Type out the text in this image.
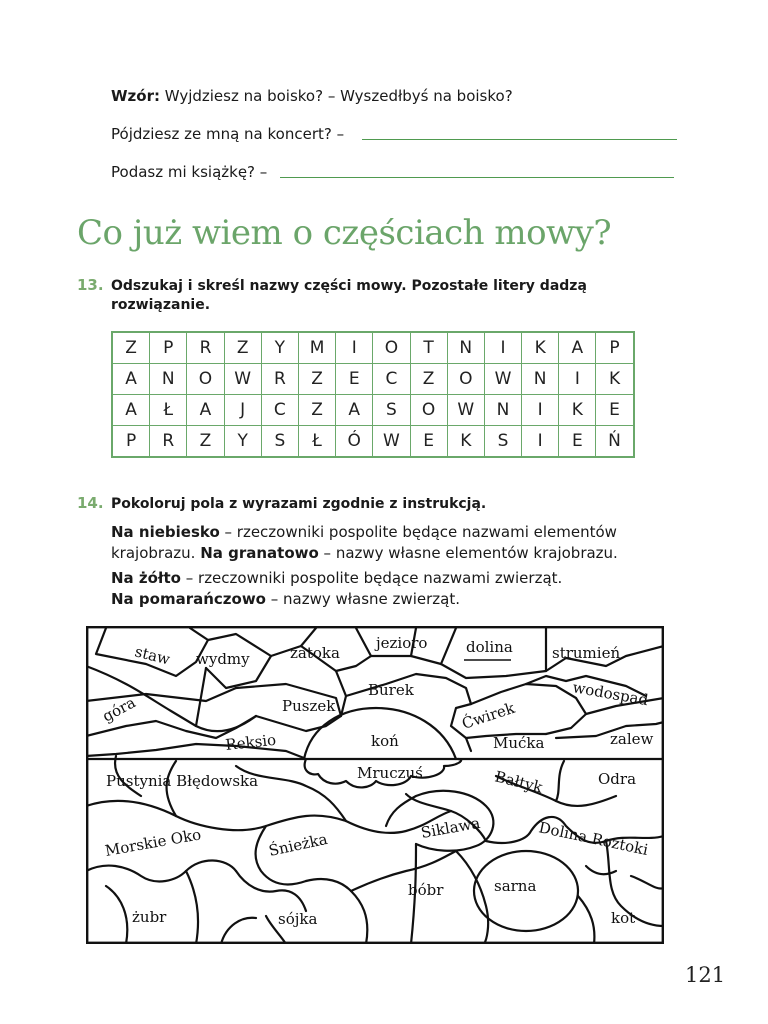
Wzór: Wyjdziesz na boisko? – Wyszedłbyś na boisko?
Pójdziesz ze mną na koncert? –
Podasz mi książkę? –
Co już wiem o częściach mowy?
13. Odszukaj i skreśl nazwy części mowy. Pozostałe litery dadzą
rozwiązanie.
Z	P	R	Z	Y	M	I	O	T	N	I	K	A	P
A	N	O	W	R	Z	E	C	Z	O	W	N	I	K
A	Ł	A	J	C	Z	A	S	O	W	N	I	K	E
P	R	Z	Y	S	Ł	Ó	W	E	K	S	I	E	Ń
14. Pokoloruj pola z wyrazami zgodnie z instrukcją.
Na niebiesko – rzeczowniki pospolite będące nazwami elementów
krajobrazu. Na granatowo – nazwy własne elementów krajobrazu.
Na żółto – rzeczowniki pospolite będące nazwami zwierząt.
Na pomarańczowo – nazwy własne zwierząt.
staw wydmy	zatoka
jezioro	dolina	strumień
góra
Burek
Puszek	wodospad
Ćwirek
Reksio	koń	Mućka	zalew
Pustynia Błędowska	Mruczuś	Bałtyk	Odra
Siklawa	Dolina Roztoki
Morskie Oko	Śnieżka
bóbr	sarna
żubr	sójka	kot
121
